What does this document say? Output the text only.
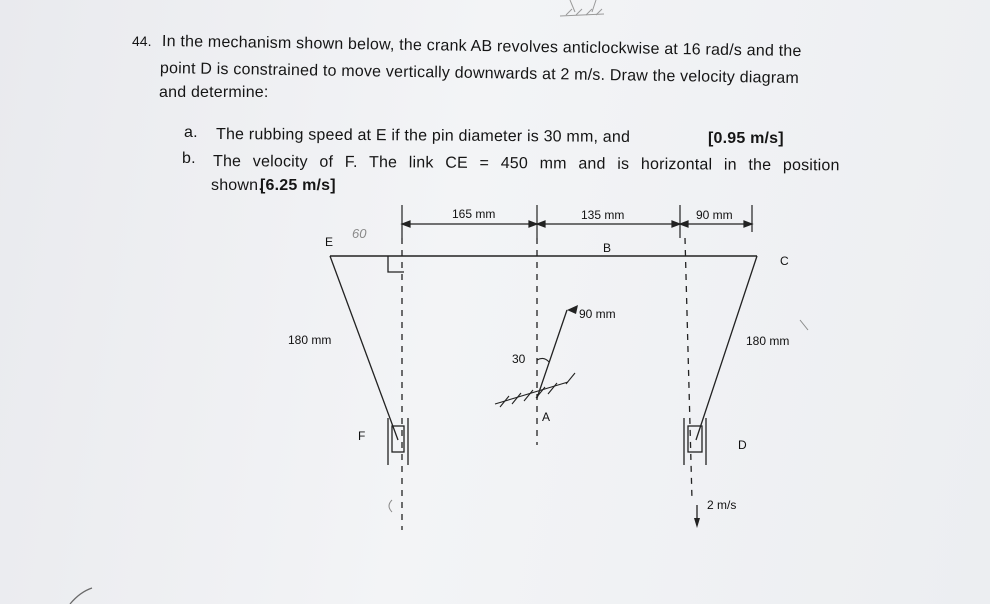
44. In the mechanism shown below, the crank AB revolves anticlockwise at 16 rad/s and the
point D is constrained to move vertically downwards at 2 m/s. Draw the velocity diagram
and determine:
a. The rubbing speed at E if the pin diameter is 30 mm, and	[0.95 m/s]
b. The velocity of F. The link CE = 450 mm and is horizontal in the position
shown.
[6.25 m/s]
165 mm	135 mm	90 mm
E
60
B
C
90 mm
180 mm	180 mm
30
A
F
D
2 m/s
